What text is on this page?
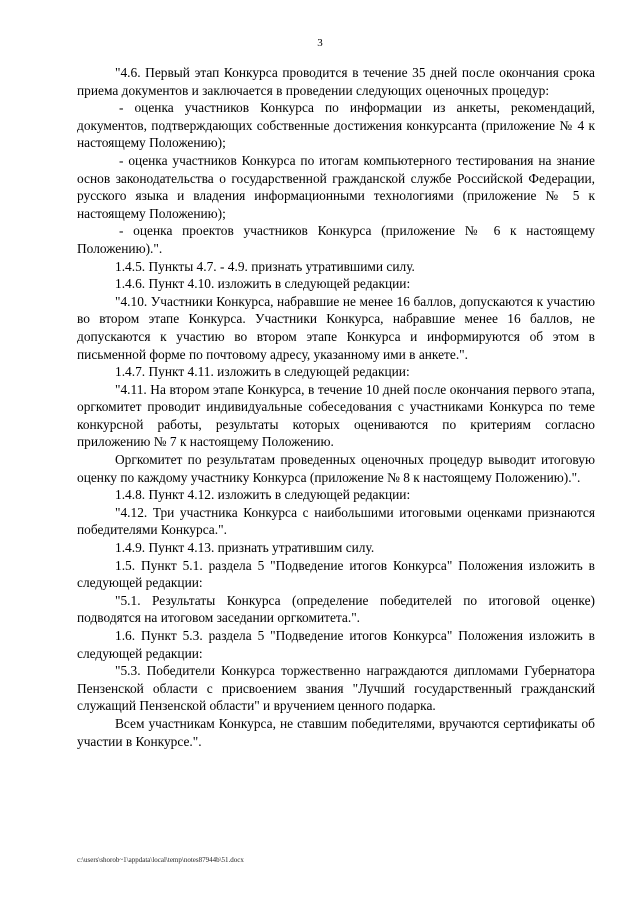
3

"4.6. Первый этап Конкурса проводится в течение 35 дней после окончания срока приема документов и заключается в проведении следующих оценочных процедур:

- оценка участников Конкурса по информации из анкеты, рекомендаций, документов, подтверждающих собственные достижения конкурсанта (приложение № 4 к настоящему Положению);

- оценка участников Конкурса по итогам компьютерного тестирования на знание основ законодательства о государственной гражданской службе Российской Федерации, русского языка и владения информационными технологиями (приложение № 5 к настоящему Положению);

- оценка проектов участников Конкурса (приложение № 6 к настоящему Положению).".

1.4.5. Пункты 4.7. - 4.9. признать утратившими силу.

1.4.6. Пункт 4.10. изложить в следующей редакции:

"4.10. Участники Конкурса, набравшие не менее 16 баллов, допускаются к участию во втором этапе Конкурса. Участники Конкурса, набравшие менее 16 баллов, не допускаются к участию во втором этапе Конкурса и информируются об этом в письменной форме по почтовому адресу, указанному ими в анкете.".

1.4.7. Пункт 4.11. изложить в следующей редакции:

"4.11. На втором этапе Конкурса, в течение 10 дней после окончания первого этапа, оргкомитет проводит индивидуальные собеседования с участниками Конкурса по теме конкурсной работы, результаты которых оцениваются по критериям согласно приложению № 7 к настоящему Положению.

Оргкомитет по результатам проведенных оценочных процедур выводит итоговую оценку по каждому участнику Конкурса (приложение № 8 к настоящему Положению).".

1.4.8. Пункт 4.12. изложить в следующей редакции:

"4.12. Три участника Конкурса с наибольшими итоговыми оценками признаются победителями Конкурса.".

1.4.9. Пункт 4.13. признать утратившим силу.

1.5. Пункт 5.1. раздела 5 "Подведение итогов Конкурса" Положения изложить в следующей редакции:

"5.1. Результаты Конкурса (определение победителей по итоговой оценке) подводятся на итоговом заседании оргкомитета.".

1.6. Пункт 5.3. раздела 5 "Подведение итогов Конкурса" Положения изложить в следующей редакции:

"5.3. Победители Конкурса торжественно награждаются дипломами Губернатора Пензенской области с присвоением звания "Лучший государственный гражданский служащий Пензенской области" и вручением ценного подарка.

Всем участникам Конкурса, не ставшим победителями, вручаются сертификаты об участии в Конкурсе.".

c:\users\shorob~1\appdata\local\temp\notes87944b\51.docx
